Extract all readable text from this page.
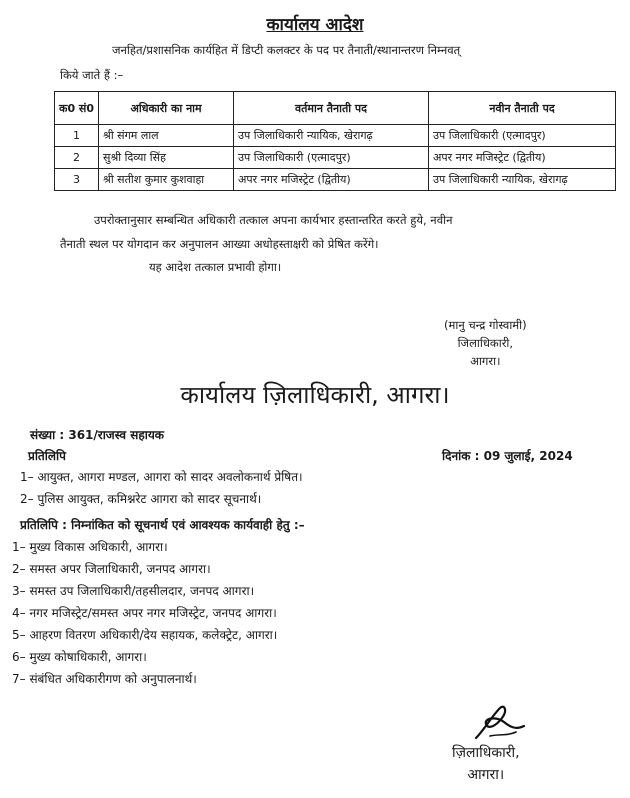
कार्यालय आदेश
जनहित/प्रशासनिक कार्यहित में डिप्टी कलक्टर के पद पर तैनाती/स्थानान्तरण निम्नवत्
किये जाते हैं :–
क0 सं0	अधिकारी का नाम	वर्तमान तैनाती पद	नवीन तैनाती पद
1	श्री संगम लाल	उप जिलाधिकारी न्यायिक, खेरागढ़	उप जिलाधिकारी (एत्मादपुर)
2	सुश्री दिव्या सिंह	उप जिलाधिकारी (एत्मादपुर)	अपर नगर मजिस्ट्रेट (द्वितीय)
3	श्री सतीश कुमार कुशवाहा	अपर नगर मजिस्ट्रेट (द्वितीय)	उप जिलाधिकारी न्यायिक, खेरागढ़
उपरोक्तानुसार सम्बन्धित अधिकारी तत्काल अपना कार्यभार हस्तान्तरित करते हुये, नवीन
तैनाती स्थल पर योगदान कर अनुपालन आख्या अधोहस्ताक्षरी को प्रेषित करेंगे।
यह आदेश तत्काल प्रभावी होगा।
(मानु चन्द्र गोस्वामी)
जिलाधिकारी,
आगरा।
कार्यालय ज़िलाधिकारी, आगरा।
संख्या : 361/राजस्व सहायक
दिनांक : 09 जुलाई, 2024
प्रतिलिपि
1– आयुक्त, आगरा मण्डल, आगरा को सादर अवलोकनार्थ प्रेषित।
2– पुलिस आयुक्त, कमिश्नरेट आगरा को सादर सूचनार्थ।
प्रतिलिपि : निम्नांकित को सूचनार्थ एवं आवश्यक कार्यवाही हेतु :–
1– मुख्य विकास अधिकारी, आगरा।
2– समस्त अपर जिलाधिकारी, जनपद आगरा।
3– समस्त उप जिलाधिकारी/तहसीलदार, जनपद आगरा।
4– नगर मजिस्ट्रेट/समस्त अपर नगर मजिस्ट्रेट, जनपद आगरा।
5– आहरण वितरण अधिकारी/देय सहायक, कलेक्ट्रेट, आगरा।
6– मुख्य कोषाधिकारी, आगरा।
7– संबंधित अधिकारीगण को अनुपालनार्थ।
ज़िलाधिकारी,
आगरा।
